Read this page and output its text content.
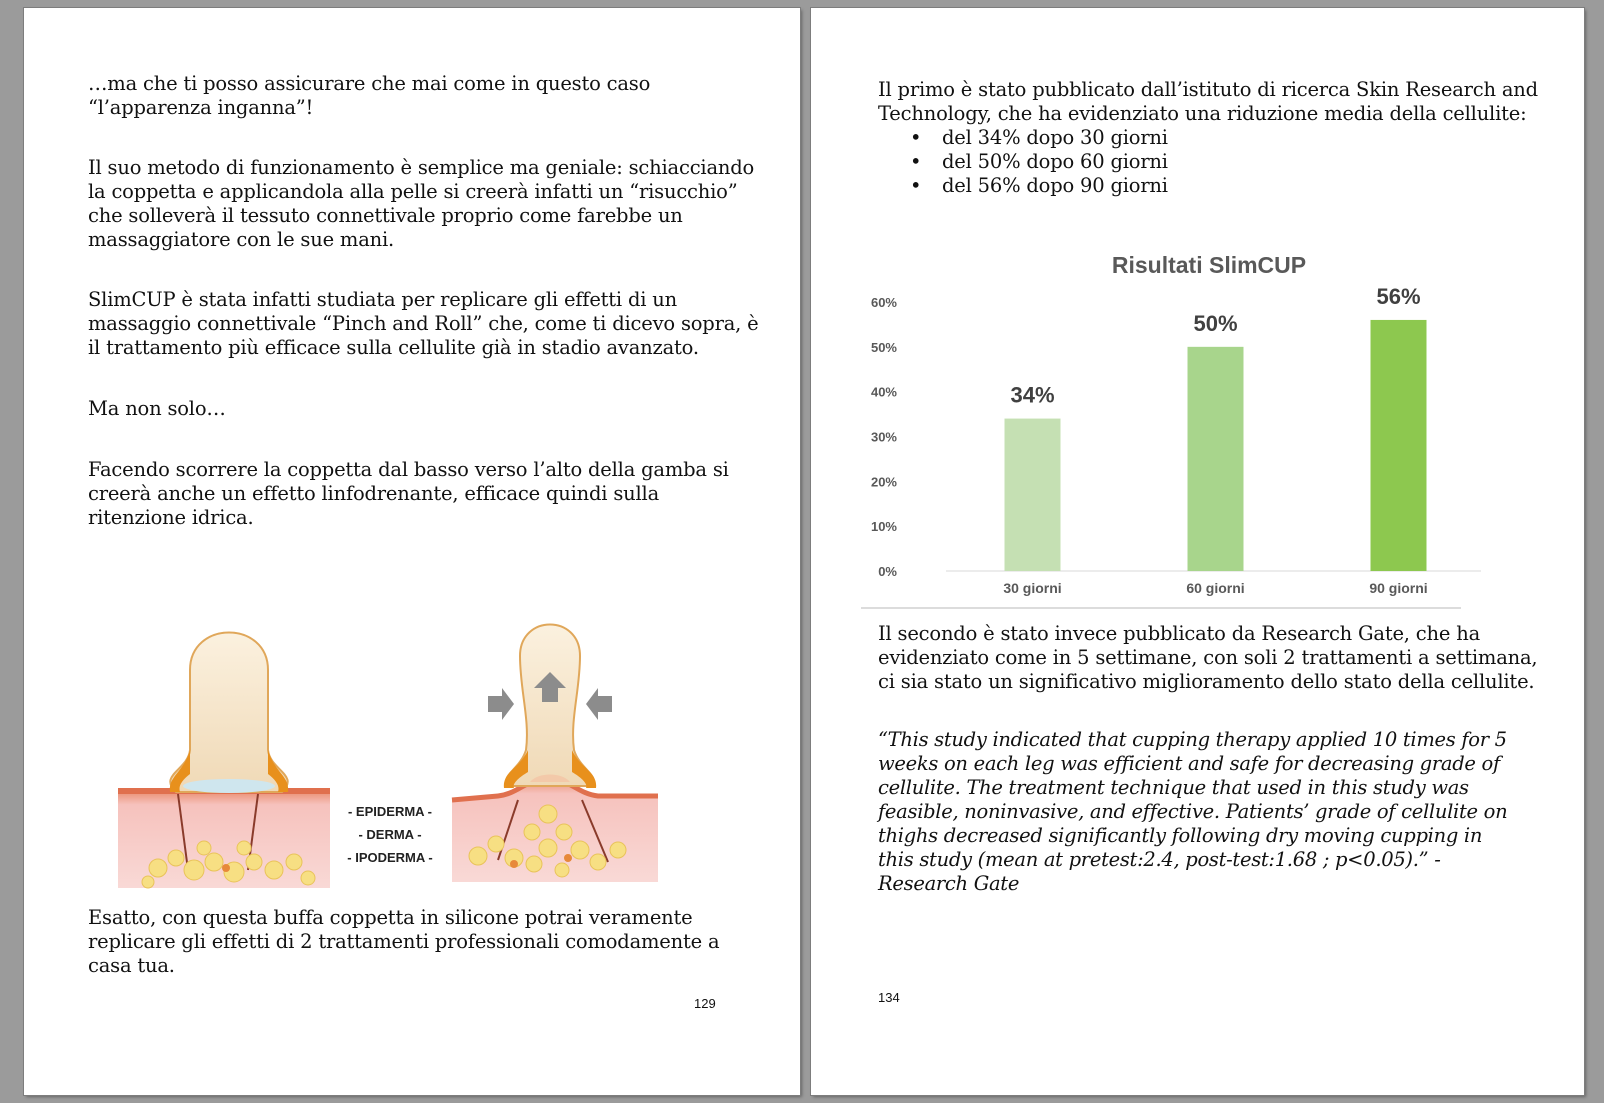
…ma che ti posso assicurare che mai come in questo caso
“l’apparenza inganna”!

Il suo metodo di funzionamento è semplice ma geniale: schiacciando
la coppetta e applicandola alla pelle si creerà infatti un “risucchio”
che solleverà il tessuto connettivale proprio come farebbe un
massaggiatore con le sue mani.

SlimCUP è stata infatti studiata per replicare gli effetti di un
massaggio connettivale “Pinch and Roll” che, come ti dicevo sopra, è
il trattamento più efficace sulla cellulite già in stadio avanzato.

Ma non solo…

Facendo scorrere la coppetta dal basso verso l’alto della gamba si
creerà anche un effetto linfodrenante, efficace quindi sulla
ritenzione idrica.

- EPIDERMA -
- DERMA -
- IPODERMA -

Esatto, con questa buffa coppetta in silicone potrai veramente
replicare gli effetti di 2 trattamenti professionali comodamente a
casa tua.

129

Il primo è stato pubblicato dall’istituto di ricerca Skin Research and
Technology, che ha evidenziato una riduzione media della cellulite:

• del 34% dopo 30 giorni
• del 50% dopo 60 giorni
• del 56% dopo 90 giorni
Risultati SlimCUP
0%
10%
20%
30%
40%
50%
60%
34%
50%
56%
30 giorni	60 giorni	90 giorni

Il secondo è stato invece pubblicato da Research Gate, che ha
evidenziato come in 5 settimane, con soli 2 trattamenti a settimana,
ci sia stato un significativo miglioramento dello stato della cellulite.

“This study indicated that cupping therapy applied 10 times for 5
weeks on each leg was efficient and safe for decreasing grade of
cellulite. The treatment technique that used in this study was
feasible, noninvasive, and effective. Patients’ grade of cellulite on
thighs decreased significantly following dry moving cupping in
this study (mean at pretest:2.4, post-test:1.68 ; p<0.05).” -
Research Gate

134
